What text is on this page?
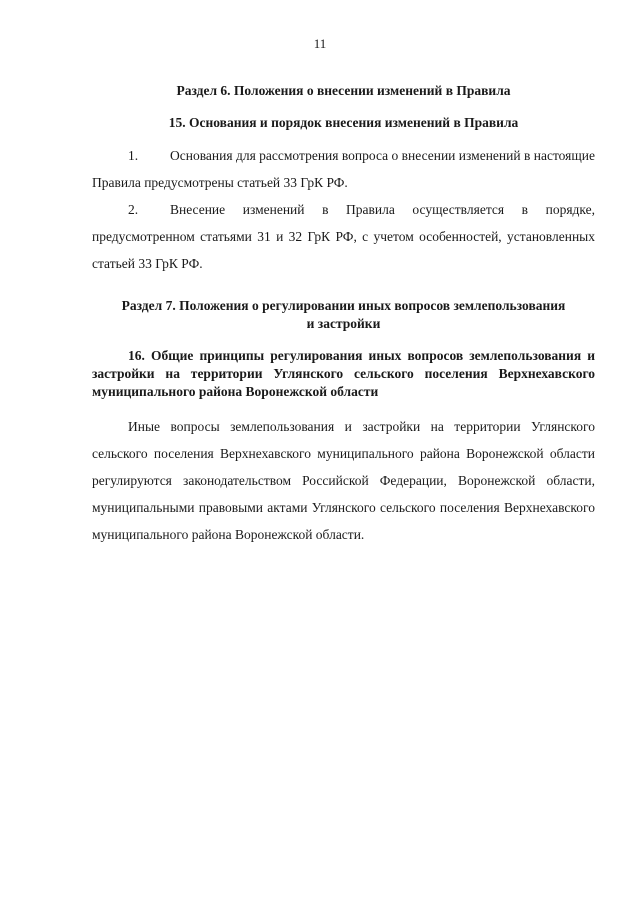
11

Раздел 6. Положения о внесении изменений в Правила

15. Основания и порядок внесения изменений в Правила

1. Основания для рассмотрения вопроса о внесении изменений в настоящие Правила предусмотрены статьей 33 ГрК РФ.

2. Внесение изменений в Правила осуществляется в порядке, предусмотренном статьями 31 и 32 ГрК РФ, с учетом особенностей, установленных статьей 33 ГрК РФ.

Раздел 7. Положения о регулировании иных вопросов землепользования

и застройки

16. Общие принципы регулирования иных вопросов землепользования и застройки на территории Углянского сельского поселения Верхнехавского муниципального района Воронежской области

Иные вопросы землепользования и застройки на территории Углянского сельского поселения Верхнехавского муниципального района Воронежской области регулируются законодательством Российской Федерации, Воронежской области, муниципальными правовыми актами Углянского сельского поселения Верхнехавского муниципального района Воронежской области.
